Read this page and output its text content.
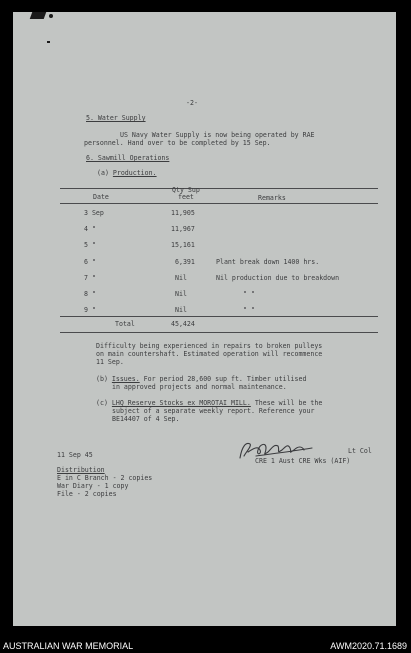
-2-
5. Water Supply
US Navy Water Supply is now being operated by RAE
personnel. Hand over to be completed by 15 Sep.
6. Sawmill Operations
(a) Production.
Qty Sup
Date	feet	Remarks
3 Sep	11,905
4 "	11,967
5 "	15,161
6 "	6,391	Plant break down 1400 hrs.
7 "	Nil	Nil production due to breakdown
8 "	Nil	" "
9 "	Nil	" "
Total	45,424
Difficulty being experienced in repairs to broken pulleys
on main countershaft. Estimated operation will recommence
11 Sep.
(b) Issues. For period 28,600 sup ft. Timber utilised
in approved projects and normal maintenance.
(c) LHQ Reserve Stocks ex MOROTAI MILL. These will be the
subject of a separate weekly report. Reference your
BE14407 of 4 Sep.
Lt Col
CRE 1 Aust CRE Wks (AIF)
11 Sep 45
Distribution
E in C Branch - 2 copies
War Diary - 1 copy
File - 2 copies
AUSTRALIAN WAR MEMORIAL	AWM2020.71.1689
